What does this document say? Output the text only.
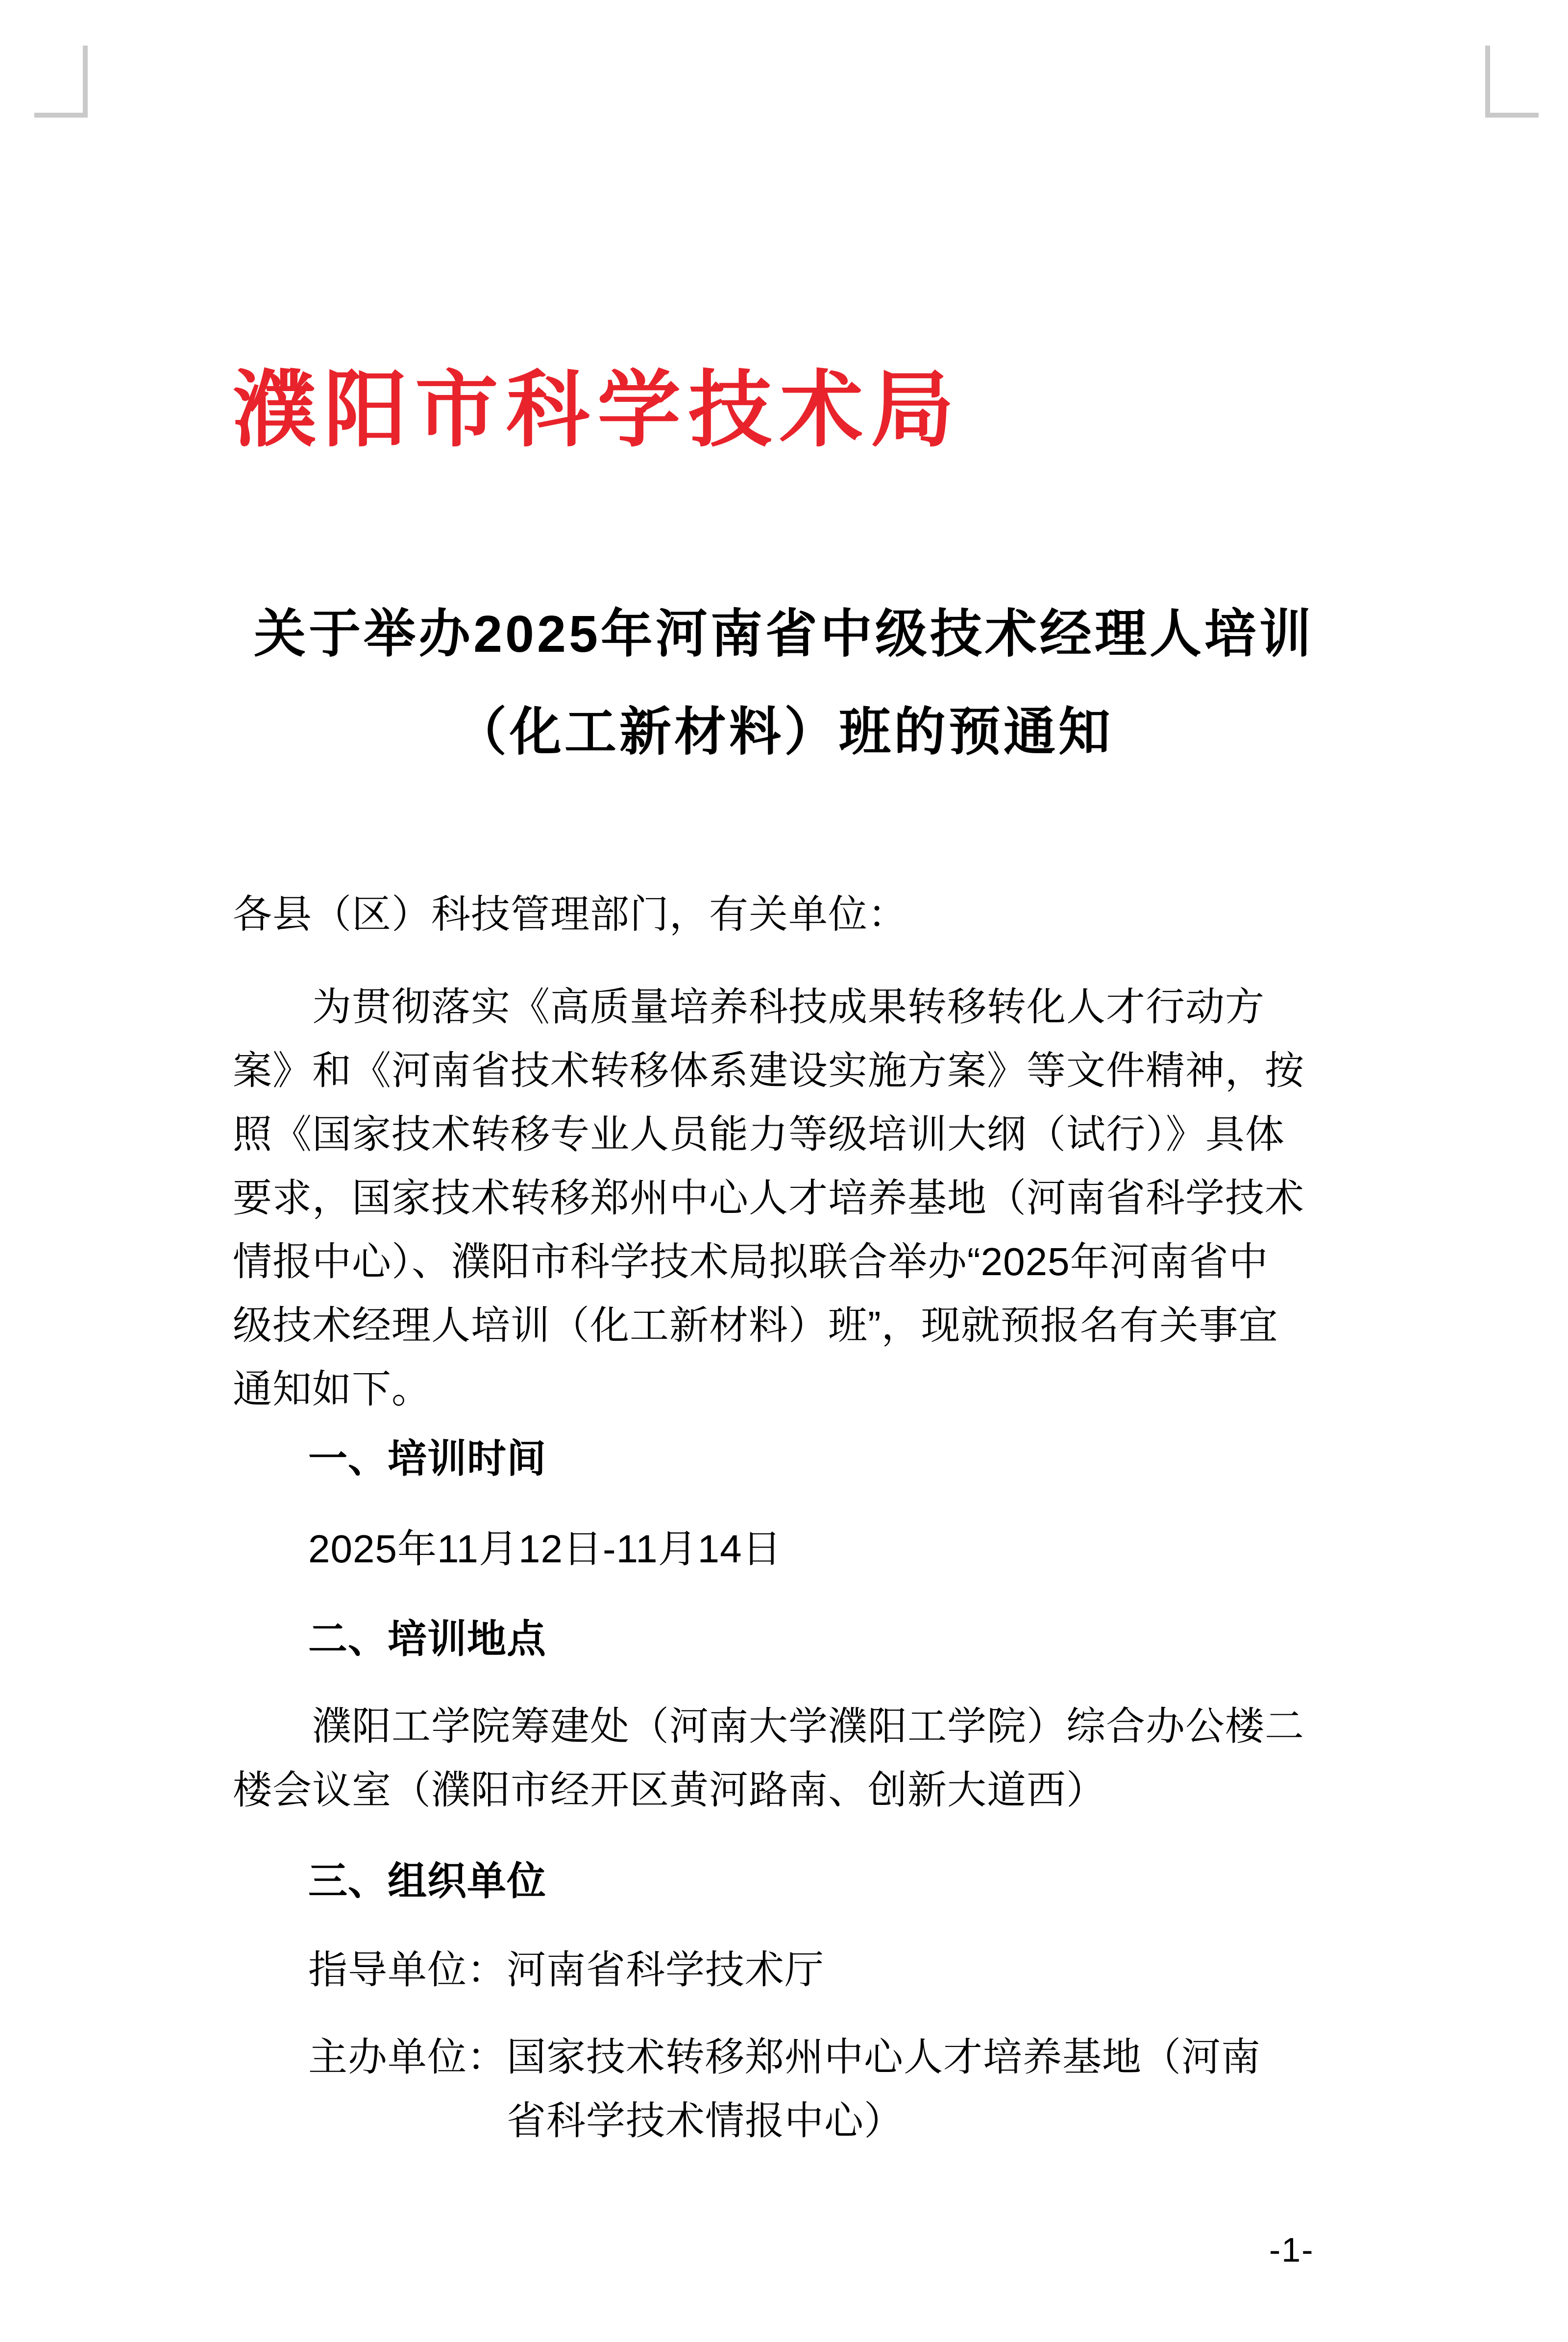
濮阳市科学技术局
关于举办2025年河南省中级技术经理人培训
（化工新材料）班的预通知
各县（区）科技管理部门，有关单位：
为贯彻落实《高质量培养科技成果转移转化人才行动方
案》和《河南省技术转移体系建设实施方案》等文件精神，按
照《国家技术转移专业人员能力等级培训大纲（试行）》具体
要求，国家技术转移郑州中心人才培养基地（河南省科学技术
情报中心）、濮阳市科学技术局拟联合举办“2025年河南省中
级技术经理人培训（化工新材料）班”，现就预报名有关事宜
通知如下。
一、培训时间
2025年11月12日-11月14日
二、培训地点
濮阳工学院筹建处（河南大学濮阳工学院）综合办公楼二
楼会议室（濮阳市经开区黄河路南、创新大道西）
三、组织单位
指导单位：河南省科学技术厅
主办单位：国家技术转移郑州中心人才培养基地（河南
省科学技术情报中心）
-1-
